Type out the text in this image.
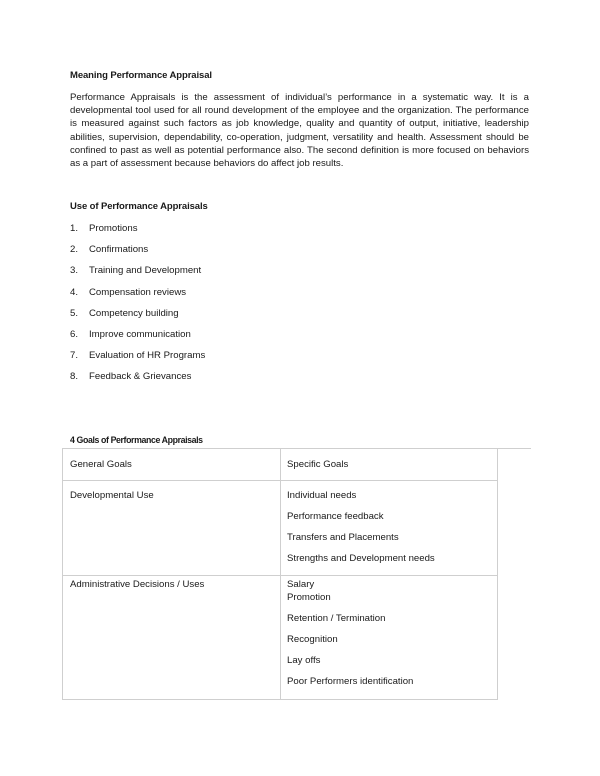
Meaning Performance Appraisal
Performance Appraisals is the assessment of individual’s performance in a systematic way. It is a developmental tool used for all round development of the employee and the organization. The performance is measured against such factors as job knowledge, quality and quantity of output, initiative, leadership abilities, supervision, dependability, co-operation, judgment, versatility and health. Assessment should be confined to past as well as potential performance also. The second definition is more focused on behaviors as a part of assessment because behaviors do affect job results.
Use of Performance Appraisals
1. Promotions
2. Confirmations
3. Training and Development
4. Compensation reviews
5. Competency building
6. Improve communication
7. Evaluation of HR Programs
8. Feedback & Grievances
4 Goals of Performance Appraisals
General Goals	Specific Goals
Developmental Use	Individual needs
Performance feedback
Transfers and Placements
Strengths and Development needs
Administrative Decisions / Uses	Salary
Promotion
Retention / Termination
Recognition
Lay offs
Poor Performers identification
